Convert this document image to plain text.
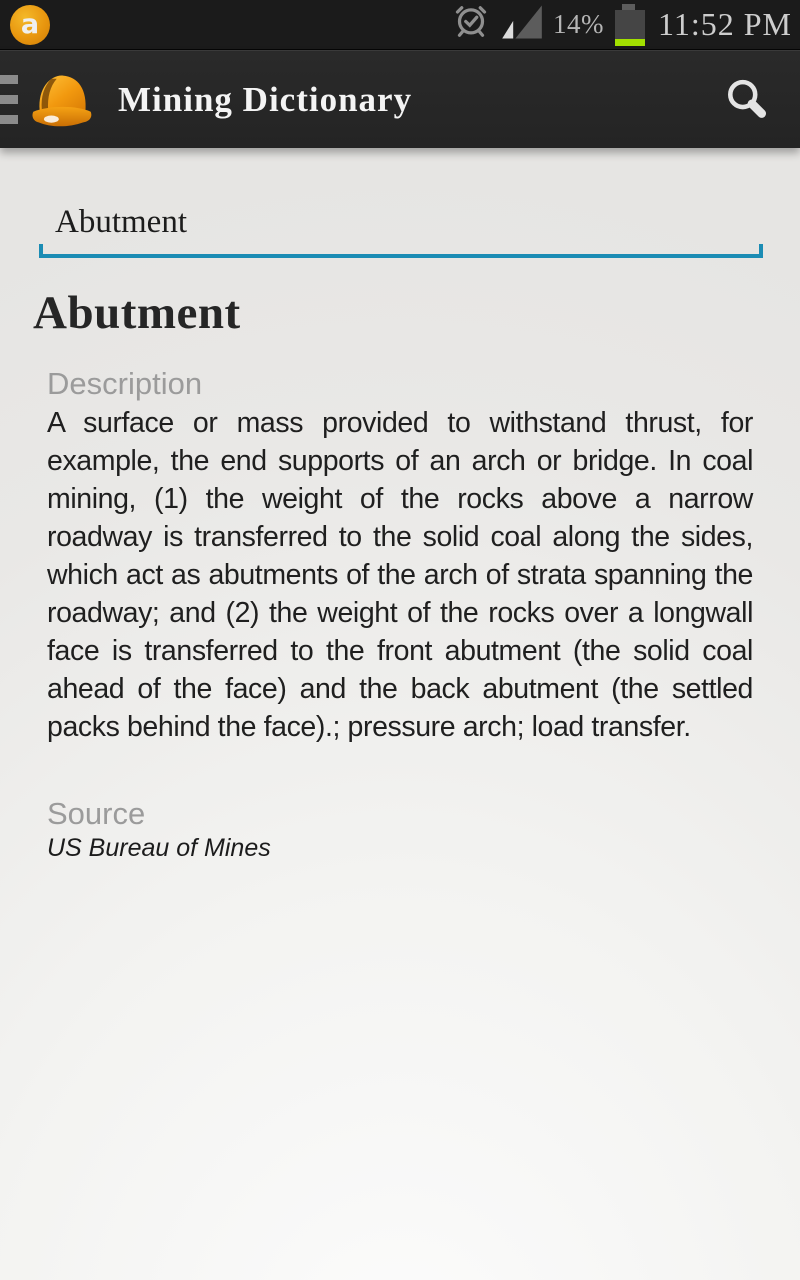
a	14% 11:52 PM
Mining Dictionary
Abutment
Abutment
Description

A surface or mass provided to withstand thrust, for example, the end supports of an arch or bridge. In coal mining, (1) the weight of the rocks above a narrow roadway is transferred to the solid coal along the sides, which act as abutments of the arch of strata spanning the roadway; and (2) the weight of the rocks over a longwall face is transferred to the front abutment (the solid coal ahead of the face) and the back abutment (the settled packs behind the face).; pressure arch; load transfer.

Source
US Bureau of Mines
